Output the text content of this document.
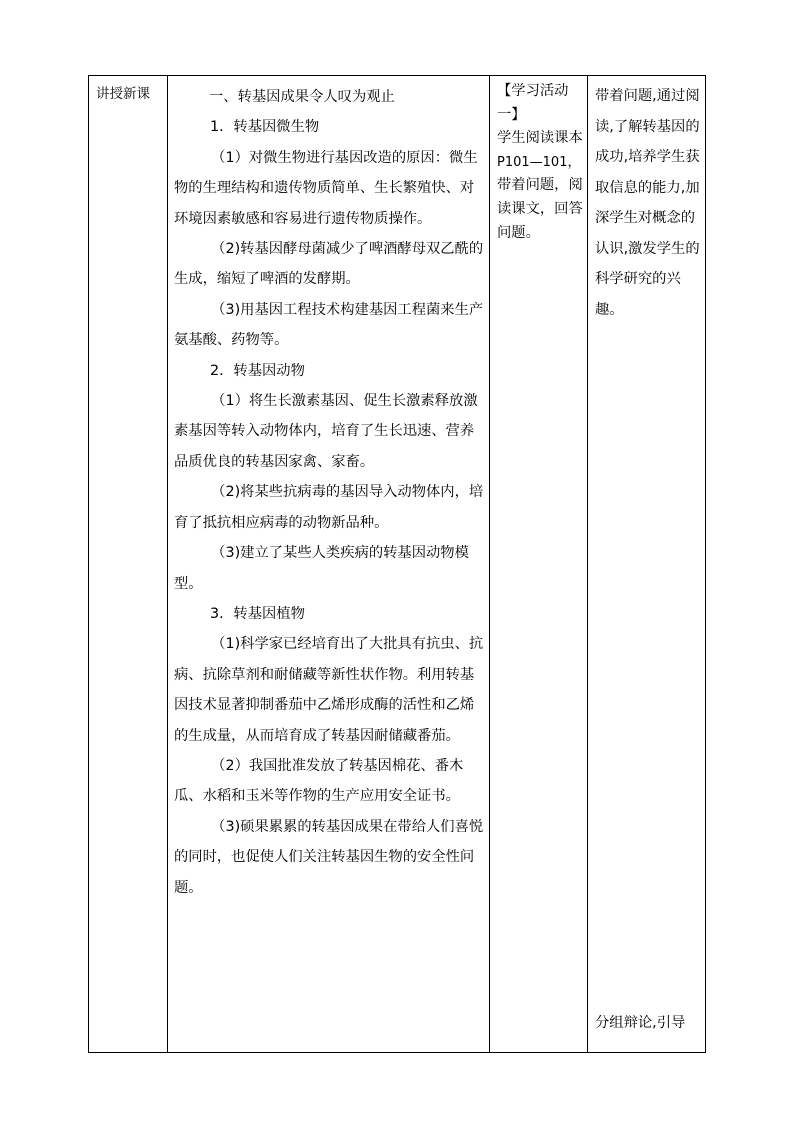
讲授新课	一、转基因成果令人叹为观止

1．转基因微生物

（1）对微生物进行基因改造的原因：微生物的生理结构和遗传物质简单、生长繁殖快、对环境因素敏感和容易进行遗传物质操作。

（2)转基因酵母菌减少了啤酒酵母双乙酰的生成，缩短了啤酒的发酵期。

（3)用基因工程技术构建基因工程菌来生产氨基酸、药物等。

2．转基因动物

（1）将生长激素基因、促生长激素释放激素基因等转入动物体内，培育了生长迅速、营养品质优良的转基因家禽、家畜。

（2)将某些抗病毒的基因导入动物体内，培育了抵抗相应病毒的动物新品种。

（3)建立了某些人类疾病的转基因动物模型。

3．转基因植物

（1)科学家已经培育出了大批具有抗虫、抗病、抗除草剂和耐储藏等新性状作物。利用转基因技术显著抑制番茄中乙烯形成酶的活性和乙烯的生成量，从而培育成了转基因耐储藏番茄。

（2）我国批准发放了转基因棉花、番木瓜、水稻和玉米等作物的生产应用安全证书。

（3)硕果累累的转基因成果在带给人们喜悦的同时，也促使人们关注转基因生物的安全性问题。

【学习活动一】
学生阅读课本
P101—101，
带着问题，阅读课文，回答问题。
带着问题,通过阅读,了解转基因的成功,培养学生获取信息的能力,加深学生对概念的认识,激发学生的科学研究的兴趣。
分组辩论,引导
